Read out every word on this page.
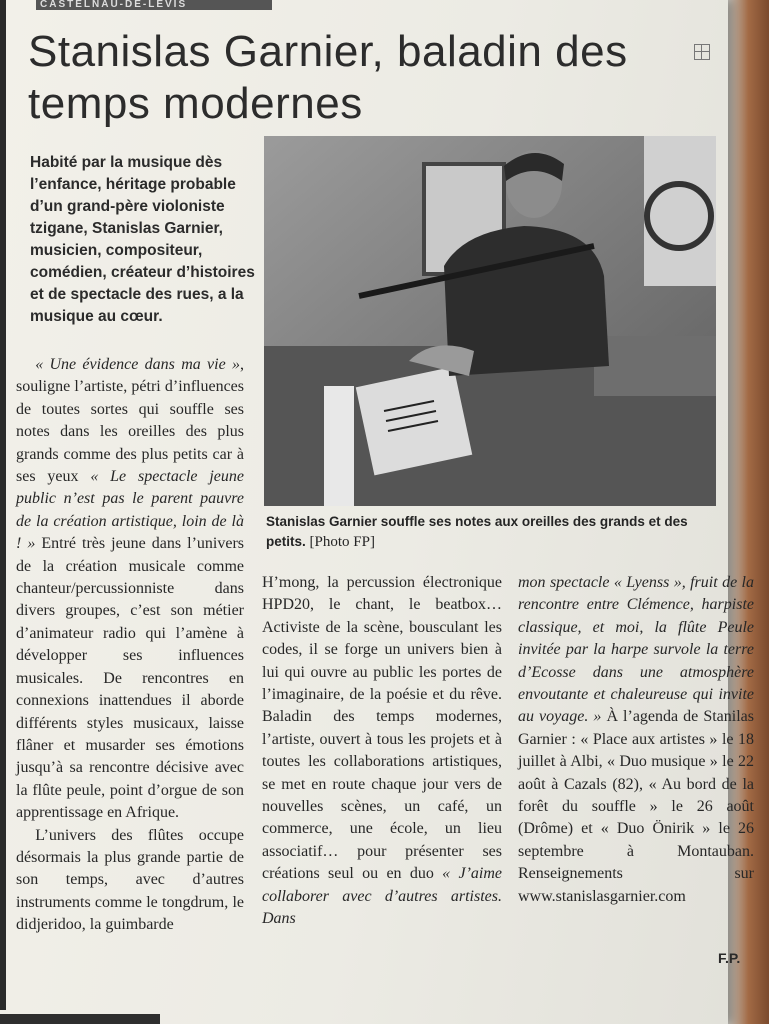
CASTELNAU-DE-LÉVIS
Stanislas Garnier, baladin des temps modernes

Habité par la musique dès l’enfance, héritage probable d’un grand-père violoniste tzigane, Stanislas Garnier, musicien, compositeur, comédien, créateur d’histoires et de spectacle des rues, a la musique au cœur.

Stanislas Garnier souffle ses notes aux oreilles des grands et des petits. [Photo FP]

« Une évidence dans ma vie », souligne l’artiste, pétri d’influences de toutes sortes qui souffle ses notes dans les oreilles des plus grands comme des plus petits car à ses yeux « Le spectacle jeune public n’est pas le parent pauvre de la création artistique, loin de là ! » Entré très jeune dans l’univers de la création musicale comme chanteur/percussionniste dans divers groupes, c’est son métier d’animateur radio qui l’amène à développer ses influences musicales. De rencontres en connexions inattendues il aborde différents styles musicaux, laisse flâner et musarder ses émotions jusqu’à sa rencontre décisive avec la flûte peule, point d’orgue de son apprentissage en Afrique.

L’univers des flûtes occupe désormais la plus grande partie de son temps, avec d’autres instruments comme le tongdrum, le didjeridoo, la guimbarde

H’mong, la percussion électronique HPD20, le chant, le beatbox… Activiste de la scène, bousculant les codes, il se forge un univers bien à lui qui ouvre au public les portes de l’imaginaire, de la poésie et du rêve. Baladin des temps modernes, l’artiste, ouvert à tous les projets et à toutes les collaborations artistiques, se met en route chaque jour vers de nouvelles scènes, un café, un commerce, une école, un lieu associatif… pour présenter ses créations seul ou en duo « J’aime collaborer avec d’autres artistes. Dans

mon spectacle « Lyenss », fruit de la rencontre entre Clémence, harpiste classique, et moi, la flûte Peule invitée par la harpe survole la terre d’Ecosse dans une atmosphère envoutante et chaleureuse qui invite au voyage. » À l’agenda de Stanilas Garnier : « Place aux artistes » le 18 juillet à Albi, « Duo musique » le 22 août à Cazals (82), « Au bord de la forêt du souffle » le 26 août (Drôme) et « Duo Önirik » le 26 septembre à Montauban. Renseignements sur www.stanislasgarnier.com

F.P.
